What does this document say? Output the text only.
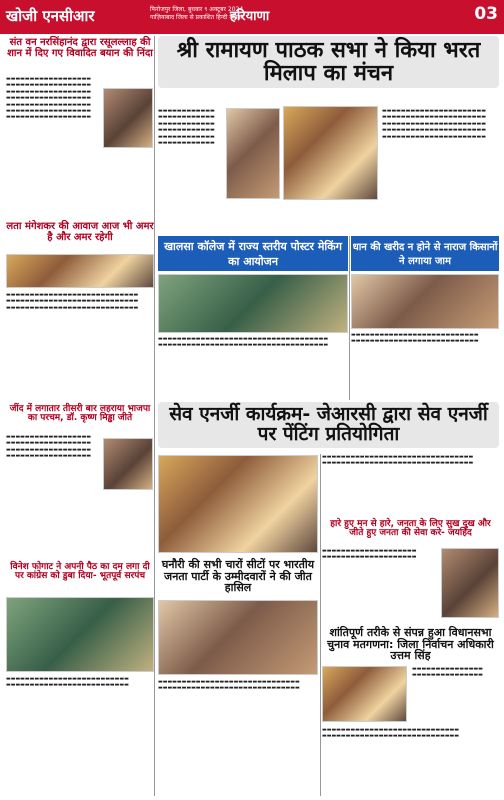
खोजी एनसीआर	फिरोजपुर जिला, बुधवार ९ अक्टूबर 2024
गाज़ियाबाद जिला से प्रकाशित हिन्दी दैनिक
हरियाणा	03
संत वन नरसिंहानंद द्वारा रसूलल्लाह की शान में दिए गए विवादित बयान की निंदा
▬▬▬▬▬▬▬▬▬▬▬▬▬▬▬▬▬▬ ▬▬▬▬▬▬▬▬▬▬▬▬▬▬▬▬▬▬ ▬▬▬▬▬▬▬▬▬▬▬▬▬▬▬▬▬▬ ▬▬▬▬▬▬▬▬▬▬▬▬▬▬▬▬▬▬ ▬▬▬▬▬▬▬▬▬▬▬▬▬▬▬▬▬▬ ▬▬▬▬▬▬▬▬▬▬▬▬▬▬▬▬▬▬ ▬▬▬▬▬▬▬▬▬▬▬▬▬▬▬▬▬▬
श्री रामायण पाठक सभा ने किया भरत मिलाप का मंचन
▬▬▬▬▬▬▬▬▬▬▬▬ ▬▬▬▬▬▬▬▬▬▬▬▬ ▬▬▬▬▬▬▬▬▬▬▬▬ ▬▬▬▬▬▬▬▬▬▬▬▬ ▬▬▬▬▬▬▬▬▬▬▬▬ ▬▬▬▬▬▬▬▬▬▬▬▬
▬▬▬▬▬▬▬▬▬▬▬▬▬▬▬▬▬▬▬▬▬▬ ▬▬▬▬▬▬▬▬▬▬▬▬▬▬▬▬▬▬▬▬▬▬ ▬▬▬▬▬▬▬▬▬▬▬▬▬▬▬▬▬▬▬▬▬▬ ▬▬▬▬▬▬▬▬▬▬▬▬▬▬▬▬▬▬▬▬▬▬ ▬▬▬▬▬▬▬▬▬▬▬▬▬▬▬▬▬▬▬▬▬▬
लता मंगेशकर की आवाज आज भी अमर है और अमर रहेगी
▬▬▬▬▬▬▬▬▬▬▬▬▬▬▬▬▬▬▬▬▬▬▬▬▬▬▬▬ ▬▬▬▬▬▬▬▬▬▬▬▬▬▬▬▬▬▬▬▬▬▬▬▬▬▬▬▬ ▬▬▬▬▬▬▬▬▬▬▬▬▬▬▬▬▬▬▬▬▬▬▬▬▬▬▬▬
खालसा कॉलेज में राज्य स्तरीय पोस्टर मेकिंग का आयोजन
▬▬▬▬▬▬▬▬▬▬▬▬▬▬▬▬▬▬▬▬▬▬▬▬▬▬▬▬▬▬▬▬▬▬▬▬ ▬▬▬▬▬▬▬▬▬▬▬▬▬▬▬▬▬▬▬▬▬▬▬▬▬▬▬▬▬▬▬▬▬▬▬▬
धान की खरीद न होने से नाराज किसानों ने लगाया जाम
▬▬▬▬▬▬▬▬▬▬▬▬▬▬▬▬▬▬▬▬▬▬▬▬▬▬▬ ▬▬▬▬▬▬▬▬▬▬▬▬▬▬▬▬▬▬▬▬▬▬▬▬▬▬▬
जींद में लगातार तीसरी बार लहराया भाजपा का परचम, डॉ. कृष्ण मिड्ढा जीते
▬▬▬▬▬▬▬▬▬▬▬▬▬▬▬▬▬▬ ▬▬▬▬▬▬▬▬▬▬▬▬▬▬▬▬▬▬ ▬▬▬▬▬▬▬▬▬▬▬▬▬▬▬▬▬▬ ▬▬▬▬▬▬▬▬▬▬▬▬▬▬▬▬▬▬
सेव एनर्जी कार्यक्रम- जेआरसी द्वारा सेव एनर्जी पर पेंटिंग प्रतियोगिता
▬▬▬▬▬▬▬▬▬▬▬▬▬▬▬▬▬▬▬▬▬▬▬▬▬▬▬▬▬▬▬▬ ▬▬▬▬▬▬▬▬▬▬▬▬▬▬▬▬▬▬▬▬▬▬▬▬▬▬▬▬▬▬▬▬
हारे हुए मन से हारे, जनता के लिए सुख दुख और जीते हुए जनता की सेवा करे- जयहिंद
▬▬▬▬▬▬▬▬▬▬▬▬▬▬▬▬▬▬▬▬ ▬▬▬▬▬▬▬▬▬▬▬▬▬▬▬▬▬▬▬▬
विनेश फोगाट ने अपनी पैठ का दम लगा दी पर कांग्रेस को डुबा दिया- भूतपूर्व सरपंच
▬▬▬▬▬▬▬▬▬▬▬▬▬▬▬▬▬▬▬▬▬▬▬▬▬▬ ▬▬▬▬▬▬▬▬▬▬▬▬▬▬▬▬▬▬▬▬▬▬▬▬▬▬
घनौरी की सभी चारों सीटों पर भारतीय जनता पार्टी के उम्मीदवारों ने की जीत हासिल
▬▬▬▬▬▬▬▬▬▬▬▬▬▬▬▬▬▬▬▬▬▬▬▬▬▬▬▬▬▬ ▬▬▬▬▬▬▬▬▬▬▬▬▬▬▬▬▬▬▬▬▬▬▬▬▬▬▬▬▬▬
शांतिपूर्ण तरीके से संपन्न हुआ विधानसभा चुनाव मतगणना: जिला निर्वाचन अधिकारी उत्तम सिंह
▬▬▬▬▬▬▬▬▬▬▬▬▬▬▬ ▬▬▬▬▬▬▬▬▬▬▬▬▬▬▬
▬▬▬▬▬▬▬▬▬▬▬▬▬▬▬▬▬▬▬▬▬▬▬▬▬▬▬▬▬ ▬▬▬▬▬▬▬▬▬▬▬▬▬▬▬▬▬▬▬▬▬▬▬▬▬▬▬▬▬
